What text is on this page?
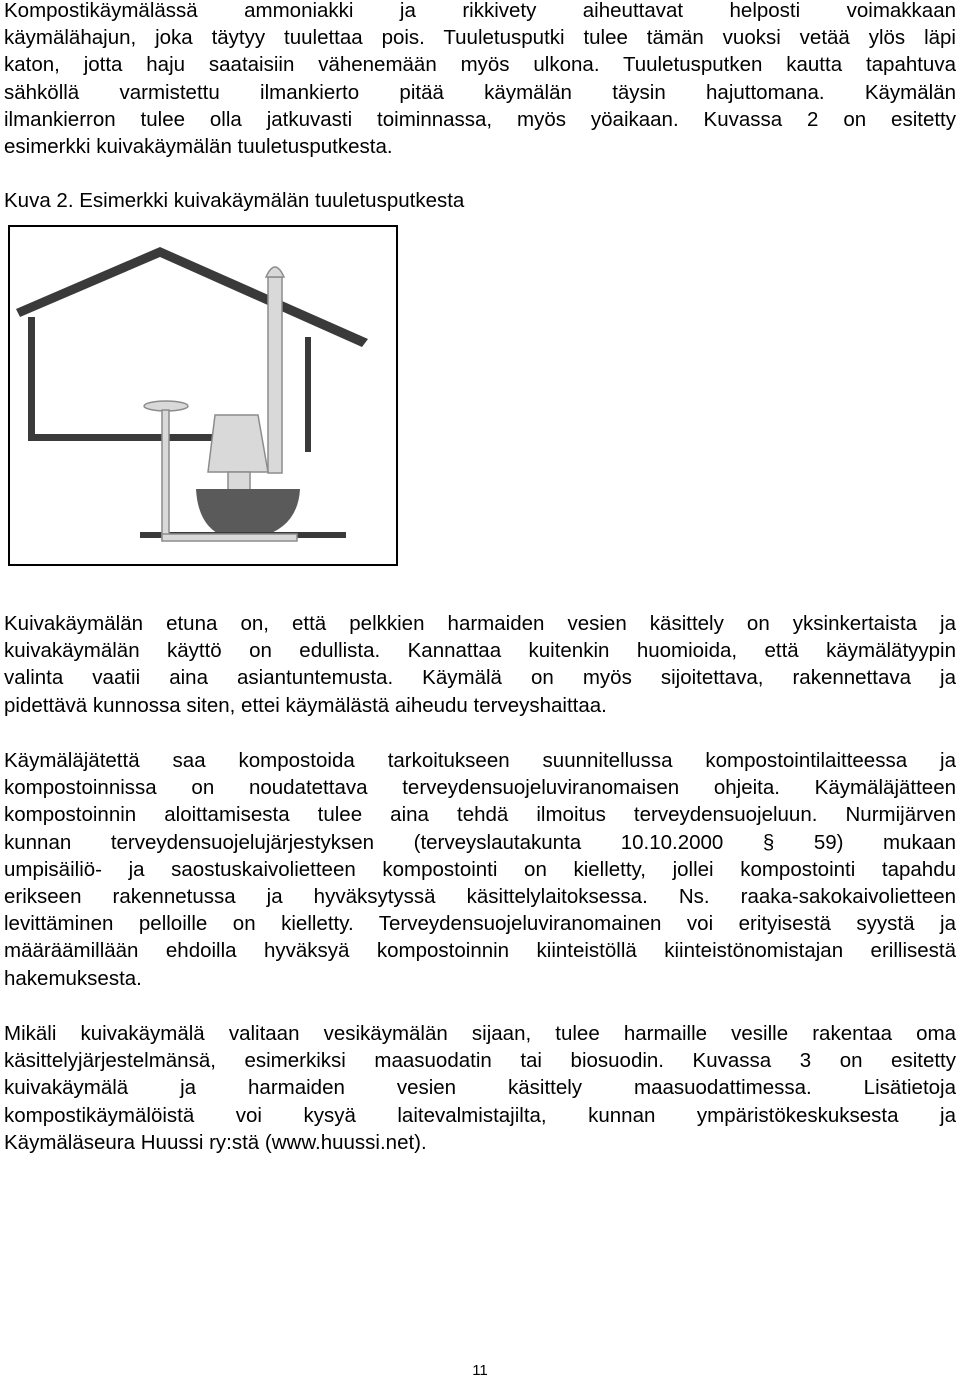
Kompostikäymälässä ammoniakki ja rikkivety aiheuttavat helposti voimakkaan
käymälähajun, joka täytyy tuulettaa pois. Tuuletusputki tulee tämän vuoksi vetää ylös läpi
katon, jotta haju saataisiin vähenemään myös ulkona. Tuuletusputken kautta tapahtuva
sähköllä varmistettu ilmankierto pitää käymälän täysin hajuttomana. Käymälän
ilmankierron tulee olla jatkuvasti toiminnassa, myös yöaikaan. Kuvassa 2 on esitetty
esimerkki kuivakäymälän tuuletusputkesta.

Kuva 2. Esimerkki kuivakäymälän tuuletusputkesta

Kuivakäymälän etuna on, että pelkkien harmaiden vesien käsittely on yksinkertaista ja
kuivakäymälän käyttö on edullista. Kannattaa kuitenkin huomioida, että käymälätyypin
valinta vaatii aina asiantuntemusta. Käymälä on myös sijoitettava, rakennettava ja
pidettävä kunnossa siten, ettei käymälästä aiheudu terveyshaittaa.
Käymäläjätettä saa kompostoida tarkoitukseen suunnitellussa kompostointilaitteessa ja
kompostoinnissa on noudatettava terveydensuojeluviranomaisen ohjeita. Käymäläjätteen
kompostoinnin aloittamisesta tulee aina tehdä ilmoitus terveydensuojeluun. Nurmijärven
kunnan terveydensuojelujärjestyksen (terveyslautakunta 10.10.2000 § 59) mukaan
umpisäiliö- ja saostuskaivolietteen kompostointi on kielletty, jollei kompostointi tapahdu
erikseen rakennetussa ja hyväksytyssä käsittelylaitoksessa. Ns. raaka-sakokaivolietteen
levittäminen pelloille on kielletty. Terveydensuojeluviranomainen voi erityisestä syystä ja
määräämillään ehdoilla hyväksyä kompostoinnin kiinteistöllä kiinteistönomistajan erillisestä
hakemuksesta.
Mikäli kuivakäymälä valitaan vesikäymälän sijaan, tulee harmaille vesille rakentaa oma
käsittelyjärjestelmänsä, esimerkiksi maasuodatin tai biosuodin. Kuvassa 3 on esitetty
kuivakäymälä ja harmaiden vesien käsittely maasuodattimessa. Lisätietoja
kompostikäymälöistä voi kysyä laitevalmistajilta, kunnan ympäristökeskuksesta ja
Käymäläseura Huussi ry:stä (www.huussi.net).
11
